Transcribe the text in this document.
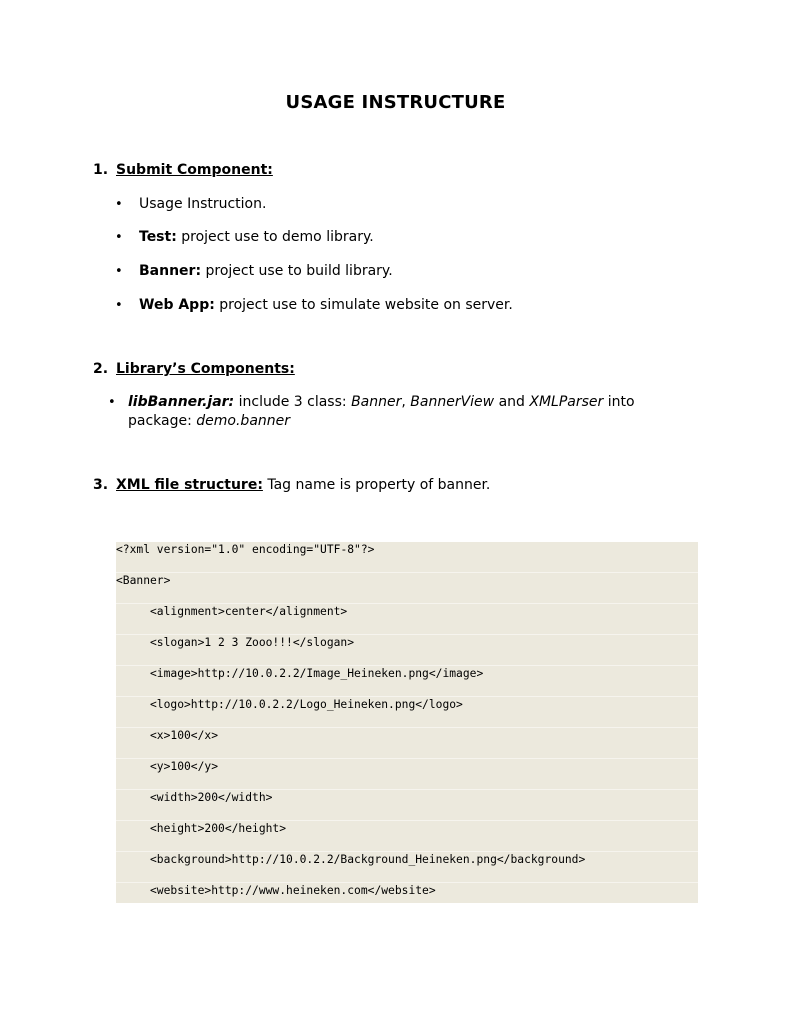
USAGE INSTRUCTURE
1. Submit Component:
• Usage Instruction.
• Test: project use to demo library.
• Banner: project use to build library.
• Web App: project use to simulate website on server.
2. Library’s Components:
• libBanner.jar: include 3 class: Banner, BannerView and XMLParser into package: demo.banner
3. XML file structure: Tag name is property of banner.
<?xml version="1.0" encoding="UTF-8"?>
<Banner>
<alignment>center</alignment>
<slogan>1 2 3 Zooo!!!</slogan>
<image>http://10.0.2.2/Image_Heineken.png</image>
<logo>http://10.0.2.2/Logo_Heineken.png</logo>
<x>100</x>
<y>100</y>
<width>200</width>
<height>200</height>
<background>http://10.0.2.2/Background_Heineken.png</background>
<website>http://www.heineken.com</website>
